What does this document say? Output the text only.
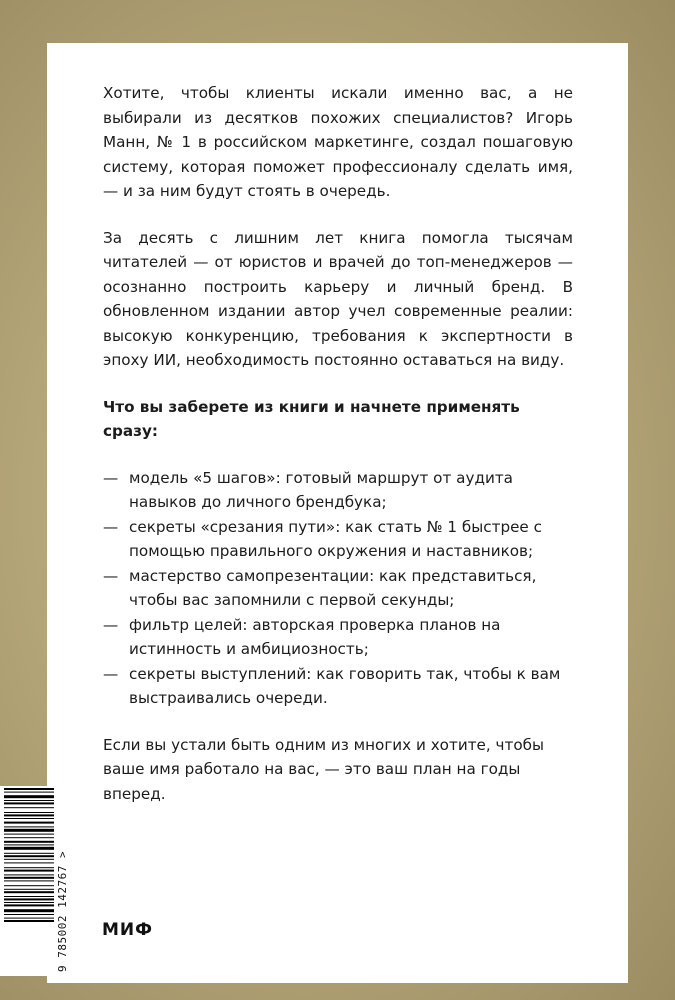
Хотите, чтобы клиенты искали именно вас, а не выбирали из десятков похожих специалистов? Игорь Манн, № 1 в российском маркетинге, создал пошаговую систему, которая поможет профессионалу сделать имя, — и за ним будут стоять в очередь.

За десять с лишним лет книга помогла тысячам читателей — от юристов и врачей до топ-менеджеров — осознанно построить карьеру и личный бренд. В обновленном издании автор учел современные реалии: высокую конкуренцию, требования к экспертности в эпоху ИИ, необходимость постоянно оставаться на виду.

Что вы заберете из книги и начнете применять сразу:

— модель «5 шагов»: готовый маршрут от аудита навыков до личного брендбука;
— секреты «срезания пути»: как стать № 1 быстрее с помощью правильного окружения и наставников;
— мастерство самопрезентации: как представиться, чтобы вас запомнили с первой секунды;
— фильтр целей: авторская проверка планов на истинность и амбициозность;
— секреты выступлений: как говорить так, чтобы к вам выстраивались очереди.

Если вы устали быть одним из многих и хотите, чтобы ваше имя работало на вас, — это ваш план на годы вперед.

9 785002 142767 > МИФ
